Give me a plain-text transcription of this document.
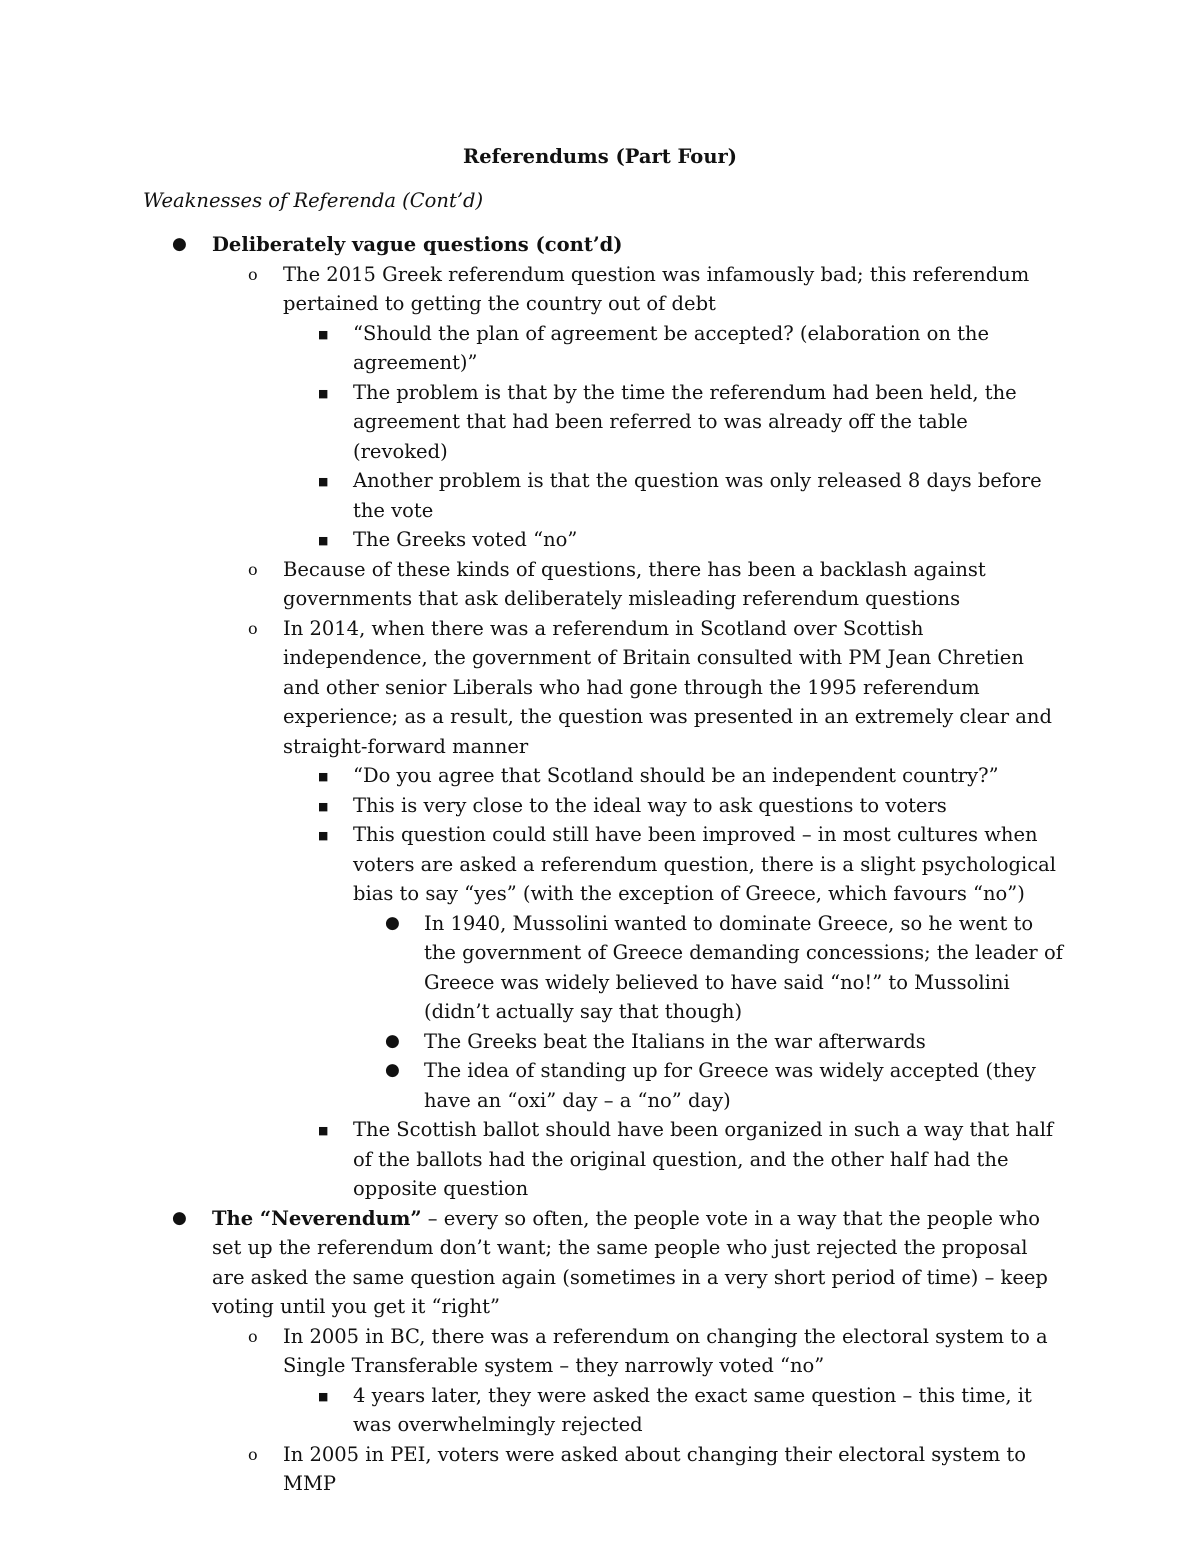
Referendums (Part Four)
Weaknesses of Referenda (Cont’d)
● Deliberately vague questions (cont’d)
o The 2015 Greek referendum question was infamously bad; this referendum pertained to getting the country out of debt
■ “Should the plan of agreement be accepted? (elaboration on the agreement)”
■ The problem is that by the time the referendum had been held, the agreement that had been referred to was already off the table (revoked)
■ Another problem is that the question was only released 8 days before the vote
■ The Greeks voted “no”
o Because of these kinds of questions, there has been a backlash against governments that ask deliberately misleading referendum questions
o In 2014, when there was a referendum in Scotland over Scottish independence, the government of Britain consulted with PM Jean Chretien and other senior Liberals who had gone through the 1995 referendum experience; as a result, the question was presented in an extremely clear and straight-forward manner
■ “Do you agree that Scotland should be an independent country?”
■ This is very close to the ideal way to ask questions to voters
■ This question could still have been improved – in most cultures when voters are asked a referendum question, there is a slight psychological bias to say “yes” (with the exception of Greece, which favours “no”)
● In 1940, Mussolini wanted to dominate Greece, so he went to the government of Greece demanding concessions; the leader of Greece was widely believed to have said “no!” to Mussolini (didn’t actually say that though)
● The Greeks beat the Italians in the war afterwards
● The idea of standing up for Greece was widely accepted (they have an “oxi” day – a “no” day)
■ The Scottish ballot should have been organized in such a way that half of the ballots had the original question, and the other half had the opposite question
● The “Neverendum” – every so often, the people vote in a way that the people who set up the referendum don’t want; the same people who just rejected the proposal are asked the same question again (sometimes in a very short period of time) – keep voting until you get it “right”
o In 2005 in BC, there was a referendum on changing the electoral system to a Single Transferable system – they narrowly voted “no”
■ 4 years later, they were asked the exact same question – this time, it was overwhelmingly rejected
o In 2005 in PEI, voters were asked about changing their electoral system to MMP
